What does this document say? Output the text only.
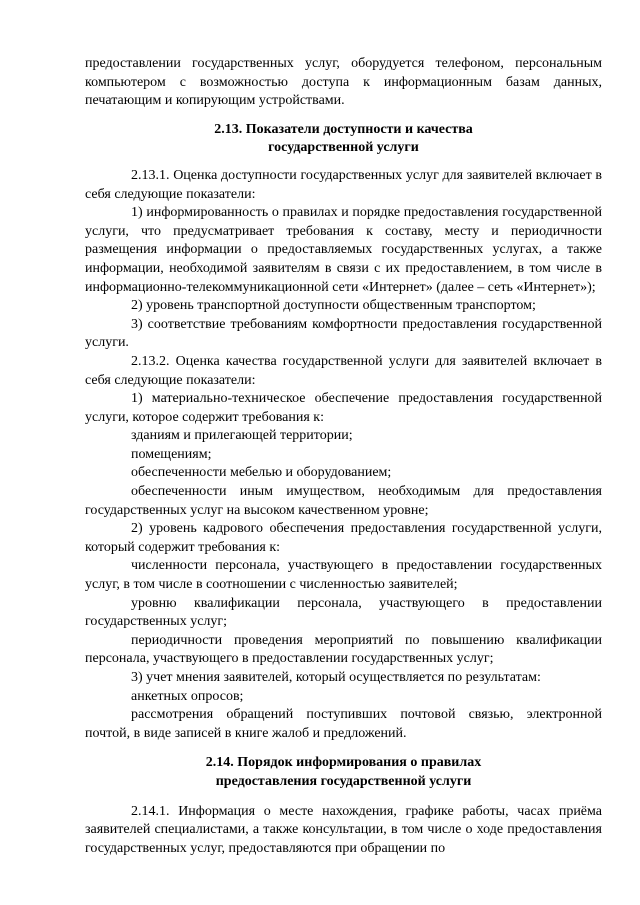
предоставлении государственных услуг, оборудуется телефоном, персональным компьютером с возможностью доступа к информационным базам данных, печатающим и копирующим устройствами.

2.13. Показатели доступности и качества
государственной услуги

2.13.1. Оценка доступности государственных услуг для заявителей включает в себя следующие показатели:

1) информированность о правилах и порядке предоставления государственной услуги, что предусматривает требования к составу, месту и периодичности размещения информации о предоставляемых государственных услугах, а также информации, необходимой заявителям в связи с их предоставлением, в том числе в информационно-телекоммуникационной сети «Интернет» (далее – сеть «Интернет»);

2) уровень транспортной доступности общественным транспортом;

3) соответствие требованиям комфортности предоставления государственной услуги.

2.13.2. Оценка качества государственной услуги для заявителей включает в себя следующие показатели:

1) материально-техническое обеспечение предоставления государственной услуги, которое содержит требования к:

зданиям и прилегающей территории;

помещениям;

обеспеченности мебелью и оборудованием;

обеспеченности иным имуществом, необходимым для предоставления государственных услуг на высоком качественном уровне;

2) уровень кадрового обеспечения предоставления государственной услуги, который содержит требования к:

численности персонала, участвующего в предоставлении государственных услуг, в том числе в соотношении с численностью заявителей;

уровню квалификации персонала, участвующего в предоставлении государственных услуг;

периодичности проведения мероприятий по повышению квалификации персонала, участвующего в предоставлении государственных услуг;

3) учет мнения заявителей, который осуществляется по результатам:

анкетных опросов;

рассмотрения обращений поступивших почтовой связью, электронной почтой, в виде записей в книге жалоб и предложений.

2.14. Порядок информирования о правилах
предоставления государственной услуги

2.14.1. Информация о месте нахождения, графике работы, часах приёма заявителей специалистами, а также консультации, в том числе о ходе предоставления государственных услуг, предоставляются при обращении по
